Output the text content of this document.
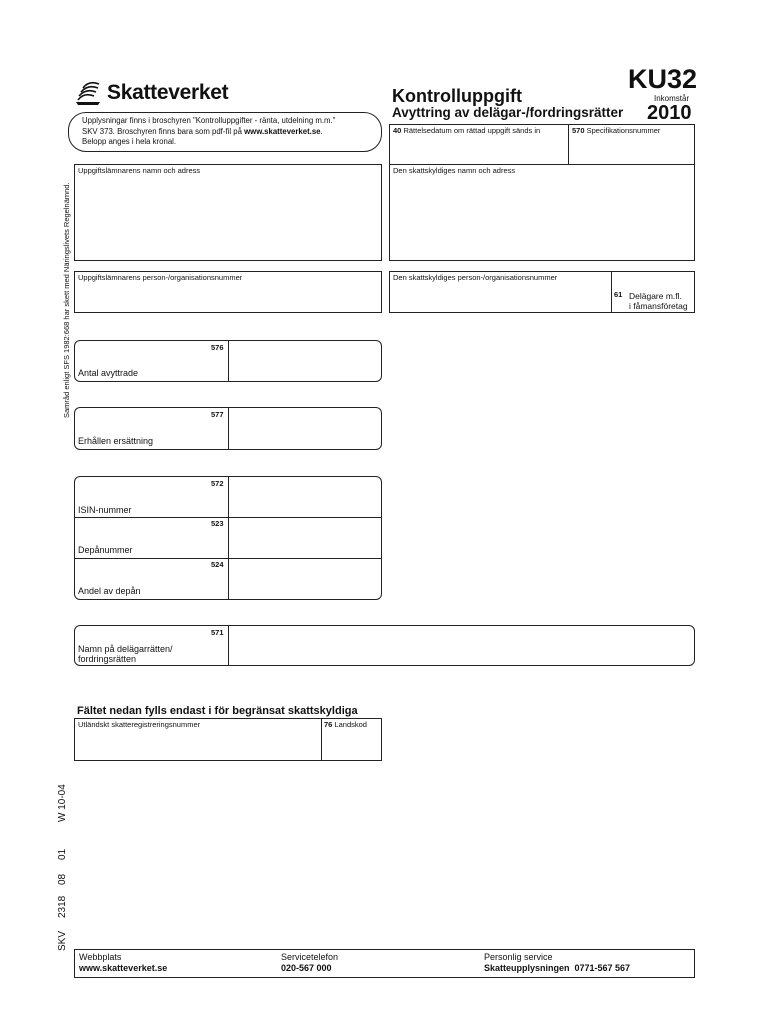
Skatteverket	KU32
Kontrolluppgift	Inkomstår
Avyttring av delägar-/fordringsrätter 2010
Upplysningar finns i broschyren "Kontrolluppgifter - ränta, utdelning m.m."
SKV 373. Broschyren finns bara som pdf-fil på www.skatteverket.se.
Belopp anges i hela kronal.
40 Rättelsedatum om rättad uppgift sänds in	570 Specifikationsnummer
Samråd enligt SFS 1982:668 har skett med Näringslivets Regelnämnd.
Uppgiftslämnarens namn och adress	Den skattskyldiges namn och adress
Uppgiftslämnarens person-/organisationsnummer	Den skattskyldiges person-/organisationsnummer
61 Delägare m.fl.
i fåmansföretag
576
Antal avyttrade
577
Erhållen ersättning
572
ISIN-nummer
523
Depånummer
524
Andel av depån
571
Namn på delägarrätten/
fordringsrätten
Fältet nedan fylls endast i för begränsat skattskyldiga
Utländskt skatteregistreringsnummer	76 Landskod
W 10-04
01
08
2318
SKV
Webbplats
www.skatteverket.se
Servicetelefon
020-567 000
Personlig service
Skatteupplysningen  0771-567 567
